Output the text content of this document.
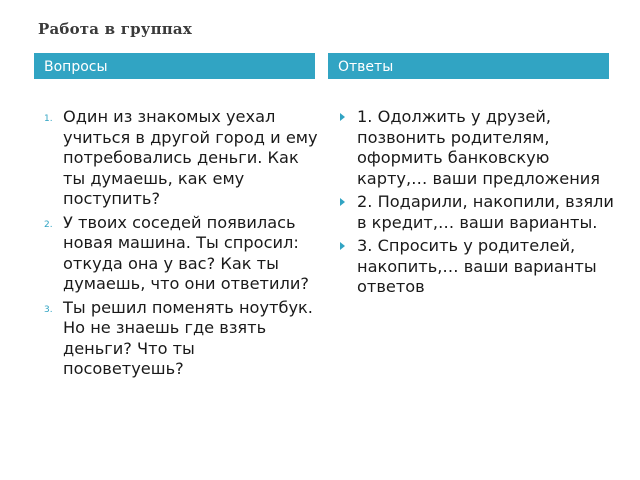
Работа в группах
Вопросы	Ответы
1. Один из знакомых уехал учиться в другой город и ему потребовались деньги. Как ты думаешь, как ему поступить?
2. У твоих соседей появилась новая машина. Ты спросил: откуда она у вас? Как ты думаешь, что они ответили?
3. Ты решил поменять ноутбук. Но не знаешь где взять деньги? Что ты посоветуешь?
1. Одолжить у друзей, позвонить родителям, оформить банковскую карту,… ваши предложения
2. Подарили, накопили, взяли в кредит,… ваши варианты.
3. Спросить у родителей, накопить,… ваши варианты ответов
